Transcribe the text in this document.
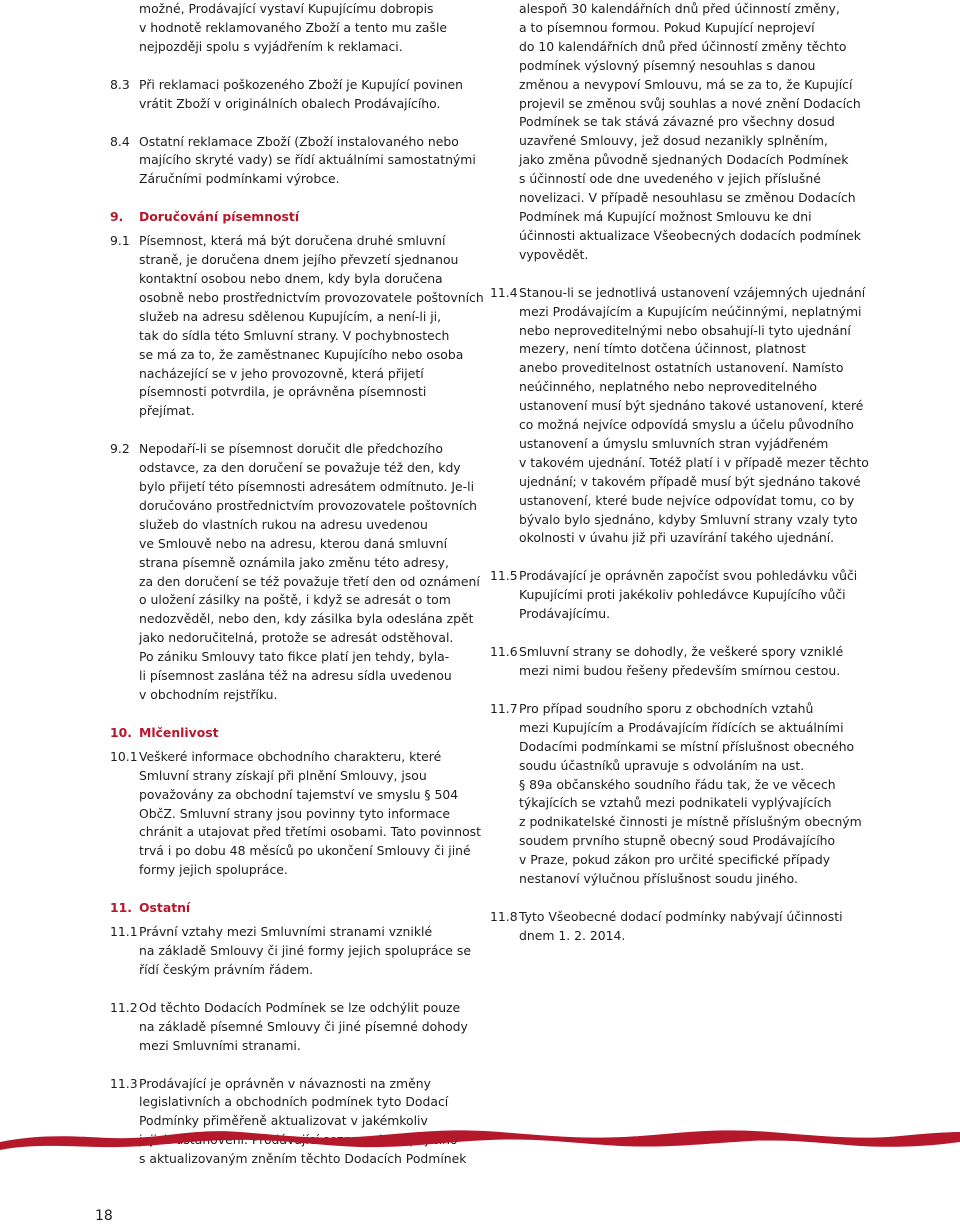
možné, Prodávající vystaví Kupujícímu dobropis
v hodnotě reklamovaného Zboží a tento mu zašle
nejpozději spolu s vyjádřením k reklamaci.
8.3 Při reklamaci poškozeného Zboží je Kupující povinen
vrátit Zboží v originálních obalech Prodávajícího.
8.4 Ostatní reklamace Zboží (Zboží instalovaného nebo
majícího skryté vady) se řídí aktuálními samostatnými
Záručními podmínkami výrobce.
9. Doručování písemností
9.1 Písemnost, která má být doručena druhé smluvní
straně, je doručena dnem jejího převzetí sjednanou
kontaktní osobou nebo dnem, kdy byla doručena
osobně nebo prostřednictvím provozovatele poštovních
služeb na adresu sdělenou Kupujícím, a není-li ji,
tak do sídla této Smluvní strany. V pochybnostech
se má za to, že zaměstnanec Kupujícího nebo osoba
nacházející se v jeho provozovně, která přijetí
písemnosti potvrdila, je oprávněna písemnosti
přejímat.
9.2 Nepodaří-li se písemnost doručit dle předchozího
odstavce, za den doručení se považuje též den, kdy
bylo přijetí této písemnosti adresátem odmítnuto. Je-li
doručováno prostřednictvím provozovatele poštovních
služeb do vlastních rukou na adresu uvedenou
ve Smlouvě nebo na adresu, kterou daná smluvní
strana písemně oznámila jako změnu této adresy,
za den doručení se též považuje třetí den od oznámení
o uložení zásilky na poště, i když se adresát o tom
nedozvěděl, nebo den, kdy zásilka byla odeslána zpět
jako nedoručitelná, protože se adresát odstěhoval.
Po zániku Smlouvy tato fikce platí jen tehdy, byla-
li písemnost zaslána též na adresu sídla uvedenou
v obchodním rejstříku.
10. Mlčenlivost
10.1 Veškeré informace obchodního charakteru, které
Smluvní strany získají při plnění Smlouvy, jsou
považovány za obchodní tajemství ve smyslu § 504
ObčZ. Smluvní strany jsou povinny tyto informace
chránit a utajovat před třetími osobami. Tato povinnost
trvá i po dobu 48 měsíců po ukončení Smlouvy či jiné
formy jejich spolupráce.
11. Ostatní
11.1 Právní vztahy mezi Smluvními stranami vzniklé
na základě Smlouvy či jiné formy jejich spolupráce se
řídí českým právním řádem.
11.2 Od těchto Dodacích Podmínek se lze odchýlit pouze
na základě písemné Smlouvy či jiné písemné dohody
mezi Smluvními stranami.
11.3 Prodávající je oprávněn v návaznosti na změny
legislativních a obchodních podmínek tyto Dodací
Podmínky přiměřeně aktualizovat v jakémkoliv
s aktualizovaným zněním těchto Dodacích Podmínek
alespoň 30 kalendářních dnů před účinností změny,
a to písemnou formou. Pokud Kupující neprojeví
do 10 kalendářních dnů před účinností změny těchto
podmínek výslovný písemný nesouhlas s danou
změnou a nevypoví Smlouvu, má se za to, že Kupující
projevil se změnou svůj souhlas a nové znění Dodacích
Podmínek se tak stává závazné pro všechny dosud
uzavřené Smlouvy, jež dosud nezanikly splněním,
jako změna původně sjednaných Dodacích Podmínek
s účinností ode dne uvedeného v jejich příslušné
novelizaci. V případě nesouhlasu se změnou Dodacích
Podmínek má Kupující možnost Smlouvu ke dni
účinnosti aktualizace Všeobecných dodacích podmínek
vypovědět.
11.4 Stanou-li se jednotlivá ustanovení vzájemných ujednání
mezi Prodávajícím a Kupujícím neúčinnými, neplatnými
nebo neproveditelnými nebo obsahují-li tyto ujednání
mezery, není tímto dotčena účinnost, platnost
anebo proveditelnost ostatních ustanovení. Namísto
neúčinného, neplatného nebo neproveditelného
ustanovení musí být sjednáno takové ustanovení, které
co možná nejvíce odpovídá smyslu a účelu původního
ustanovení a úmyslu smluvních stran vyjádřeném
v takovém ujednání. Totéž platí i v případě mezer těchto
ujednání; v takovém případě musí být sjednáno takové
ustanovení, které bude nejvíce odpovídat tomu, co by
bývalo bylo sjednáno, kdyby Smluvní strany vzaly tyto
okolnosti v úvahu již při uzavírání takého ujednání.
11.5 Prodávající je oprávněn započíst svou pohledávku vůči
Kupujícími proti jakékoliv pohledávce Kupujícího vůči
Prodávajícímu.
11.6 Smluvní strany se dohodly, že veškeré spory vzniklé
mezi nimi budou řešeny především smírnou cestou.
11.7 Pro případ soudního sporu z obchodních vztahů
mezi Kupujícím a Prodávajícím řídících se aktuálními
Dodacími podmínkami se místní příslušnost obecného
soudu účastníků upravuje s odvoláním na ust.
§ 89a občanského soudního řádu tak, že ve věcech
týkajících se vztahů mezi podnikateli vyplývajících
z podnikatelské činnosti je místně příslušným obecným
soudem prvního stupně obecný soud Prodávajícího
v Praze, pokud zákon pro určité specifické případy
nestanoví výlučnou příslušnost soudu jiného.
11.8 Tyto Všeobecné dodací podmínky nabývají účinnosti
dnem 1. 2. 2014.
18
